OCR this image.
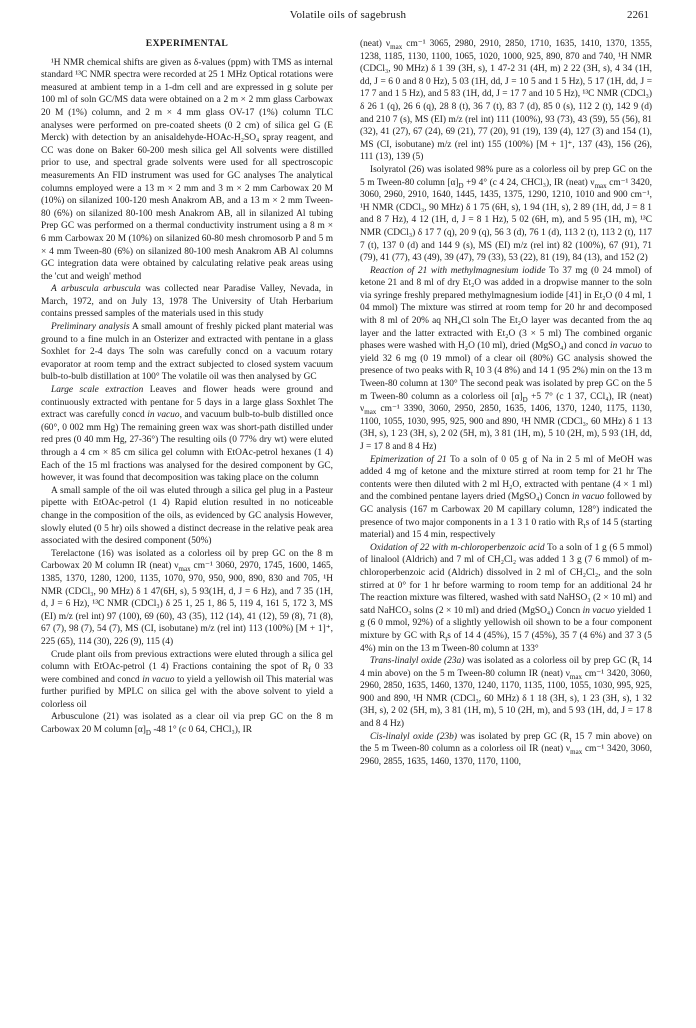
Volatile oils of sagebrush	2261
EXPERIMENTAL

¹H NMR chemical shifts are given as δ-values (ppm) with TMS as internal standard ¹³C NMR spectra were recorded at 25 1 MHz Optical rotations were measured at ambient temp in a 1-dm cell and are expressed in g solute per 100 ml of soln GC/MS data were obtained on a 2 m × 2 mm glass Carbowax 20 M (1%) column, and 2 m × 4 mm glass OV-17 (1%) column TLC analyses were performed on pre-coated sheets (0 2 cm) of silica gel G (E Merck) with detection by an anisaldehyde-HOAc-H₂SO₄ spray reagent, and CC was done on Baker 60-200 mesh silica gel All solvents were distilled prior to use, and spectral grade solvents were used for all spectroscopic measurements An FID instrument was used for GC analyses The analytical columns employed were a 13 m × 2 mm and 3 m × 2 mm Carbowax 20 M (10%) on silanized 100-120 mesh Anakrom AB, and a 13 m × 2 mm Tween-80 (6%) on silanized 80-100 mesh Anakrom AB, all in silanized Al tubing Prep GC was performed on a thermal conductivity instrument using a 8 m × 6 mm Carbowax 20 M (10%) on silanized 60-80 mesh chromosorb P and 5 m × 4 mm Tween-80 (6%) on silanized 80-100 mesh Anakrom AB Al columns GC integration data were obtained by calculating relative peak areas using the 'cut and weigh' method

A arbuscula arbuscula was collected near Paradise Valley, Nevada, in March, 1972, and on July 13, 1978 The University of Utah Herbarium contains pressed samples of the materials used in this study

Preliminary analysis A small amount of freshly picked plant material was ground to a fine mulch in an Osterizer and extracted with pentane in a glass Soxhlet for 2-4 days The soln was carefully concd on a vacuum rotary evaporator at room temp and the extract subjected to closed system vacuum bulb-to-bulb distillation at 100° The volatile oil was then analysed by GC

Large scale extraction Leaves and flower heads were ground and continuously extracted with pentane for 5 days in a large glass Soxhlet The extract was carefully concd in vacuo, and vacuum bulb-to-bulb distilled once (60°, 0 002 mm Hg) The remaining green wax was short-path distilled under red pres (0 40 mm Hg, 27-36°) The resulting oils (0 77% dry wt) were eluted through a 4 cm × 85 cm silica gel column with EtOAc-petrol hexanes (1 4) Each of the 15 ml fractions was analysed for the desired component by GC, however, it was found that decomposition was taking place on the column

A small sample of the oil was eluted through a silica gel plug in a Pasteur pipette with EtOAc-petrol (1 4) Rapid elution resulted in no noticeable change in the composition of the oils, as evidenced by GC analysis However, slowly eluted (0 5 hr) oils showed a distinct decrease in the relative peak area associated with the desired component (50%)

Terelactone (16) was isolated as a colorless oil by prep GC on the 8 m Carbowax 20 M column IR (neat) $\nu_{max}$ cm⁻¹ 3060, 2970, 1745, 1600, 1465, 1385, 1370, 1280, 1200, 1135, 1070, 970, 950, 900, 890, 830 and 705, ¹H NMR (CDCl₃, 90 MHz) δ 1 47(6H, s), 5 93(1H, d, J = 6 Hz), and 7 35 (1H, d, J = 6 Hz), ¹³C NMR (CDCl₃) δ 25 1, 25 1, 86 5, 119 4, 161 5, 172 3, MS (EI) m/z (rel int) 97 (100), 69 (60), 43 (35), 112 (14), 41 (12), 59 (8), 71 (8), 67 (7), 98 (7), 54 (7), MS (CI, isobutane) m/z (rel int) 113 (100%) [M + 1]⁺, 225 (65), 114 (30), 226 (9), 115 (4)

Crude plant oils from previous extractions were eluted through a silica gel column with EtOAc-petrol (1 4) Fractions containing the spot of $R_f$ 0 33 were combined and concd in vacuo to yield a yellowish oil This material was further purified by MPLC on silica gel with the above solvent to yield a colorless oil

Arbusculone (21) was isolated as a clear oil via prep GC on the 8 m Carbowax 20 M column $[\alpha]_D$ -48 1° (c 0 64, CHCl₃), IR

(neat) $\nu_{max}$ cm⁻¹ 3065, 2980, 2910, 2850, 1710, 1635, 1410, 1370, 1355, 1238, 1185, 1130, 1100, 1065, 1020, 1000, 925, 890, 870 and 740, ¹H NMR (CDCl₃, 90 MHz) δ 1 39 (3H, s), 1 47-2 31 (4H, m) 2 22 (3H, s), 4 34 (1H, dd, J = 6 0 and 8 0 Hz), 5 03 (1H, dd, J = 10 5 and 1 5 Hz), 5 17 (1H, dd, J = 17 7 and 1 5 Hz), and 5 83 (1H, dd, J = 17 7 and 10 5 Hz), ¹³C NMR (CDCl₃) δ 26 1 (q), 26 6 (q), 28 8 (t), 36 7 (t), 83 7 (d), 85 0 (s), 112 2 (t), 142 9 (d) and 210 7 (s), MS (EI) m/z (rel int) 111 (100%), 93 (73), 43 (59), 55 (56), 81 (32), 41 (27), 67 (24), 69 (21), 77 (20), 91 (19), 139 (4), 127 (3) and 154 (1), MS (CI, isobutane) m/z (rel int) 155 (100%) [M + 1]⁺, 137 (43), 156 (26), 111 (13), 139 (5)

Isolyratol (26) was isolated 98% pure as a colorless oil by prep GC on the 5 m Tween-80 column $[\alpha]_D +9$ 4° (c 4 24, CHCl₃), IR (neat) $\nu_{max}$ cm⁻¹ 3420, 3060, 2960, 2910, 1640, 1445, 1435, 1375, 1290, 1210, 1010 and 900 cm⁻¹, ¹H NMR (CDCl₃, 90 MHz) δ 1 75 (6H, s), 1 94 (1H, s), 2 89 (1H, dd, J = 8 1 and 8 7 Hz), 4 12 (1H, d, J = 8 1 Hz), 5 02 (6H, m), and 5 95 (1H, m), ¹³C NMR (CDCl₃) δ 17 7 (q), 20 9 (q), 56 3 (d), 76 1 (d), 113 2 (t), 113 2 (t), 117 7 (t), 137 0 (d) and 144 9 (s), MS (EI) m/z (rel int) 82 (100%), 67 (91), 71 (79), 41 (77), 43 (49), 39 (47), 79 (33), 53 (22), 81 (19), 84 (13), and 152 (2)

Reaction of 21 with methylmagnesium iodide To 37 mg (0 24 mmol) of ketone 21 and 8 ml of dry Et₂O was added in a dropwise manner to the soln via syringe freshly prepared methylmagnesium iodide [41] in Et₂O (0 4 ml, 1 04 mmol) The mixture was stirred at room temp for 20 hr and decomposed with 8 ml of 20% aq NH₄Cl soln The Et₂O layer was decanted from the aq layer and the latter extracted with Et₂O (3 × 5 ml) The combined organic phases were washed with H₂O (10 ml), dried (MgSO₄) and concd in vacuo to yield 32 6 mg (0 19 mmol) of a clear oil (80%) GC analysis showed the presence of two peaks with $R_t$ 10 3 (4 8%) and 14 1 (95 2%) min on the 13 m Tween-80 column at 130° The second peak was isolated by prep GC on the 5 m Tween-80 column as a colorless oil $[\alpha]_D +5$ 7° (c 1 37, CCl₄), IR (neat) $\nu_{max}$ cm⁻¹ 3390, 3060, 2950, 2850, 1635, 1406, 1370, 1240, 1175, 1130, 1100, 1055, 1030, 995, 925, 900 and 890, ¹H NMR (CDCl₃, 60 MHz) δ 1 13 (3H, s), 1 23 (3H, s), 2 02 (5H, m), 3 81 (1H, m), 5 10 (2H, m), 5 93 (1H, dd, J = 17 8 and 8 4 Hz)

Epimerization of 21 To a soln of 0 05 g of Na in 2 5 ml of MeOH was added 4 mg of ketone and the mixture stirred at room temp for 21 hr The contents were then diluted with 2 ml H₂O, extracted with pentane (4 × 1 ml) and the combined pentane layers dried (MgSO₄) Concn in vacuo followed by GC analysis (167 m Carbowax 20 M capillary column, 128°) indicated the presence of two major components in a 1 3 1 0 ratio with $R_ts$ of 14 5 (starting material) and 15 4 min, respectively

Oxidation of 22 with m-chloroperbenzoic acid To a soln of 1 g (6 5 mmol) of linalool (Aldrich) and 7 ml of CH₂Cl₂ was added 1 3 g (7 6 mmol) of m-chloroperbenzoic acid (Aldrich) dissolved in 2 ml of CH₂Cl₂, and the soln stirred at 0° for 1 hr before warming to room temp for an additional 24 hr The reaction mixture was filtered, washed with satd NaHSO₃ (2 × 10 ml) and satd NaHCO₃ solns (2 × 10 ml) and dried (MgSO₄) Concn in vacuo yielded 1 g (6 0 mmol, 92%) of a slightly yellowish oil shown to be a four component mixture by GC with $R_ts$ of 14 4 (45%), 15 7 (45%), 35 7 (4 6%) and 37 3 (5 4%) min on the 13 m Tween-80 column at 133°

Trans-linalyl oxide (23a) was isolated as a colorless oil by prep GC ($R_t$ 14 4 min above) on the 5 m Tween-80 column IR (neat) $\nu_{max}$ cm⁻¹ 3420, 3060, 2960, 2850, 1635, 1460, 1370, 1240, 1170, 1135, 1100, 1055, 1030, 995, 925, 900 and 890, ¹H NMR (CDCl₃, 60 MHz) δ 1 18 (3H, s), 1 23 (3H, s), 1 32 (3H, s), 2 02 (5H, m), 3 81 (1H, m), 5 10 (2H, m), and 5 93 (1H, dd, J = 17 8 and 8 4 Hz)

Cis-linalyl oxide (23b) was isolated by prep GC ($R_t$ 15 7 min above) on the 5 m Tween-80 column as a colorless oil IR (neat) $\nu_{max}$ cm⁻¹ 3420, 3060, 2960, 2855, 1635, 1460, 1370, 1170, 1100,
